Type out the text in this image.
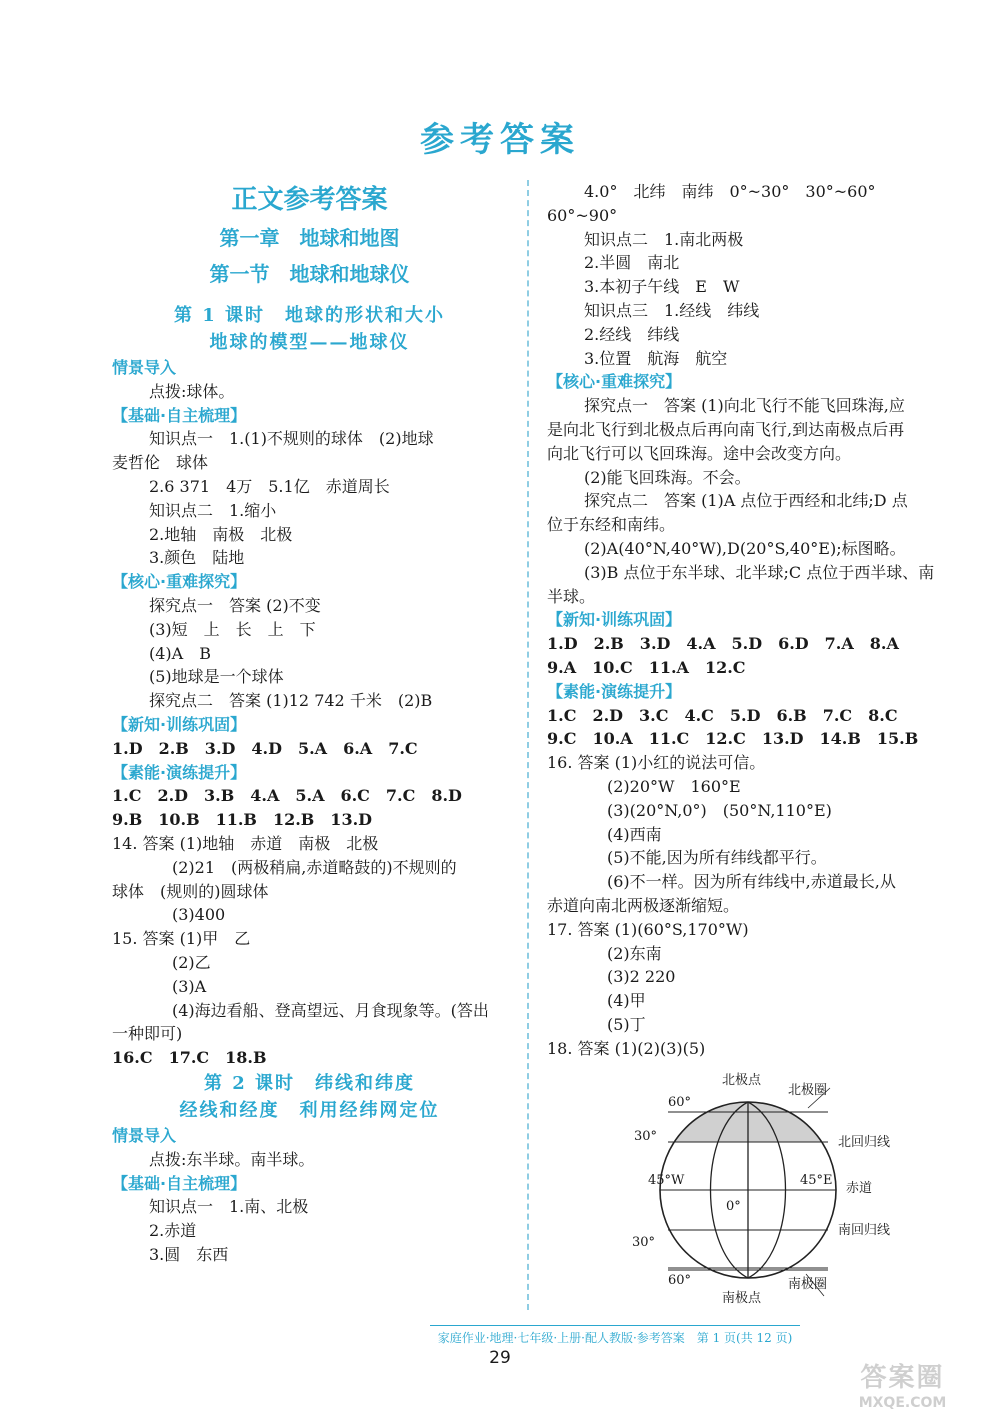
参考答案
正文参考答案
第一章　地球和地图
第一节　地球和地球仪
第 1 课时　地球的形状和大小
地球的模型——地球仪
情景导入
点拨:球体。
【基础·自主梳理】
知识点一　1.(1)不规则的球体　(2)地球
麦哲伦　球体
2.6 371　4万　5.1亿　赤道周长
知识点二　1.缩小
2.地轴　南极　北极
3.颜色　陆地
【核心·重难探究】
探究点一　答案 (2)不变
(3)短　上　长　上　下
(4)A　B
(5)地球是一个球体
探究点二　答案 (1)12 742 千米　(2)B
【新知·训练巩固】
1.D　2.B　3.D　4.D　5.A　6.A　7.C
【素能·演练提升】
1.C　2.D　3.B　4.A　5.A　6.C　7.C　8.D
9.B　10.B　11.B　12.B　13.D
14. 答案 (1)地轴　赤道　南极　北极
(2)21　(两极稍扁,赤道略鼓的)不规则的
球体　(规则的)圆球体
(3)400
15. 答案 (1)甲　乙
(2)乙
(3)A
(4)海边看船、登高望远、月食现象等。(答出
一种即可)
16.C　17.C　18.B
第 2 课时　纬线和纬度
经线和经度　利用经纬网定位
情景导入
点拨:东半球。南半球。
【基础·自主梳理】
知识点一　1.南、北极
2.赤道
3.圆　东西
4.0°　北纬　南纬　0°~30°　30°~60°
60°~90°
知识点二　1.南北两极
2.半圆　南北
3.本初子午线　E　W
知识点三　1.经线　纬线
2.经线　纬线
3.位置　航海　航空
【核心·重难探究】
探究点一　答案 (1)向北飞行不能飞回珠海,应
是向北飞行到北极点后再向南飞行,到达南极点后再
向北飞行可以飞回珠海。途中会改变方向。
(2)能飞回珠海。不会。
探究点二　答案 (1)A 点位于西经和北纬;D 点
位于东经和南纬。
(2)A(40°N,40°W),D(20°S,40°E);标图略。
(3)B 点位于东半球、北半球;C 点位于西半球、南
半球。
【新知·训练巩固】
1.D　2.B　3.D　4.A　5.D　6.D　7.A　8.A
9.A　10.C　11.A　12.C
【素能·演练提升】
1.C　2.D　3.C　4.C　5.D　6.B　7.C　8.C
9.C　10.A　11.C　12.C　13.D　14.B　15.B
16. 答案 (1)小红的说法可信。
(2)20°W　160°E
(3)(20°N,0°)　(50°N,110°E)
(4)西南
(5)不能,因为所有纬线都平行。
(6)不一样。因为所有纬线中,赤道最长,从
赤道向南北两极逐渐缩短。
17. 答案 (1)(60°S,170°W)
(2)东南
(3)2 220
(4)甲
(5)丁
18. 答案 (1)(2)(3)(5)
北极点
南极点
北极圈
北回归线
赤道
南回归线
南极圈
60°
30°
30°
60°
45°W	45°E
0°
家庭作业·地理·七年级·上册·配人教版·参考答案　第 1 页(共 12 页)
29
答案圈
MXQE.COM
